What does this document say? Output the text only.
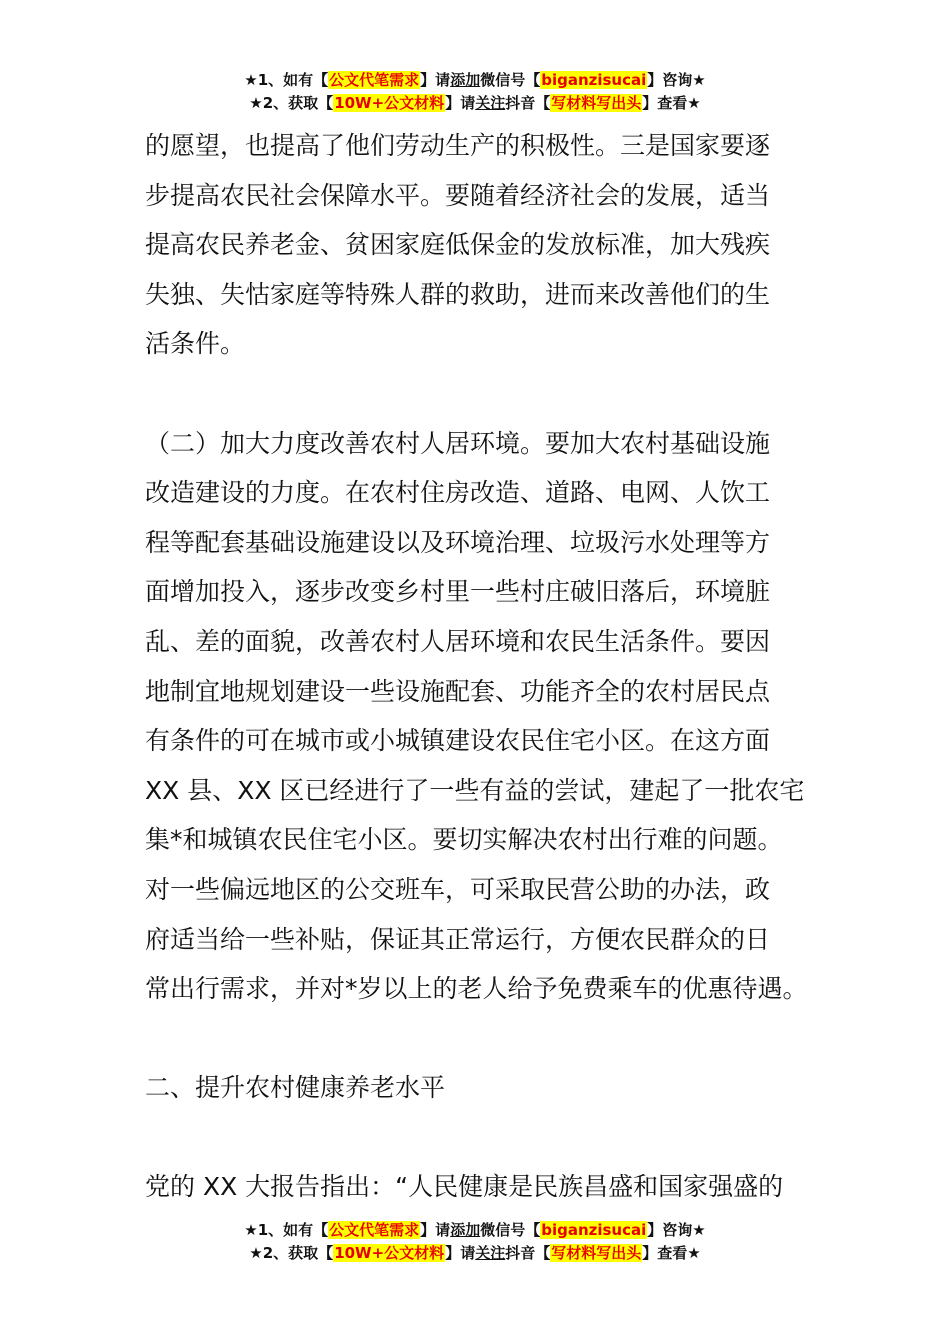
★1、如有【公文代笔需求】请添加微信号【biganzisucai】咨询★
★2、获取【10W+公文材料】请关注抖音【写材料写出头】查看★
的愿望，也提高了他们劳动生产的积极性。三是国家要逐
步提高农民社会保障水平。要随着经济社会的发展，适当
提高农民养老金、贫困家庭低保金的发放标准，加大残疾
失独、失怙家庭等特殊人群的救助，进而来改善他们的生
活条件。
（二）加大力度改善农村人居环境。要加大农村基础设施
改造建设的力度。在农村住房改造、道路、电网、人饮工
程等配套基础设施建设以及环境治理、垃圾污水处理等方
面增加投入，逐步改变乡村里一些村庄破旧落后，环境脏
乱、差的面貌，改善农村人居环境和农民生活条件。要因
地制宜地规划建设一些设施配套、功能齐全的农村居民点
有条件的可在城市或小城镇建设农民住宅小区。在这方面
XX 县、XX 区已经进行了一些有益的尝试，建起了一批农宅
集*和城镇农民住宅小区。要切实解决农村出行难的问题。
对一些偏远地区的公交班车，可采取民营公助的办法，政
府适当给一些补贴，保证其正常运行，方便农民群众的日
常出行需求，并对*岁以上的老人给予免费乘车的优惠待遇。
二、提升农村健康养老水平
党的 XX 大报告指出：“人民健康是民族昌盛和国家强盛的
★1、如有【公文代笔需求】请添加微信号【biganzisucai】咨询★
★2、获取【10W+公文材料】请关注抖音【写材料写出头】查看★
